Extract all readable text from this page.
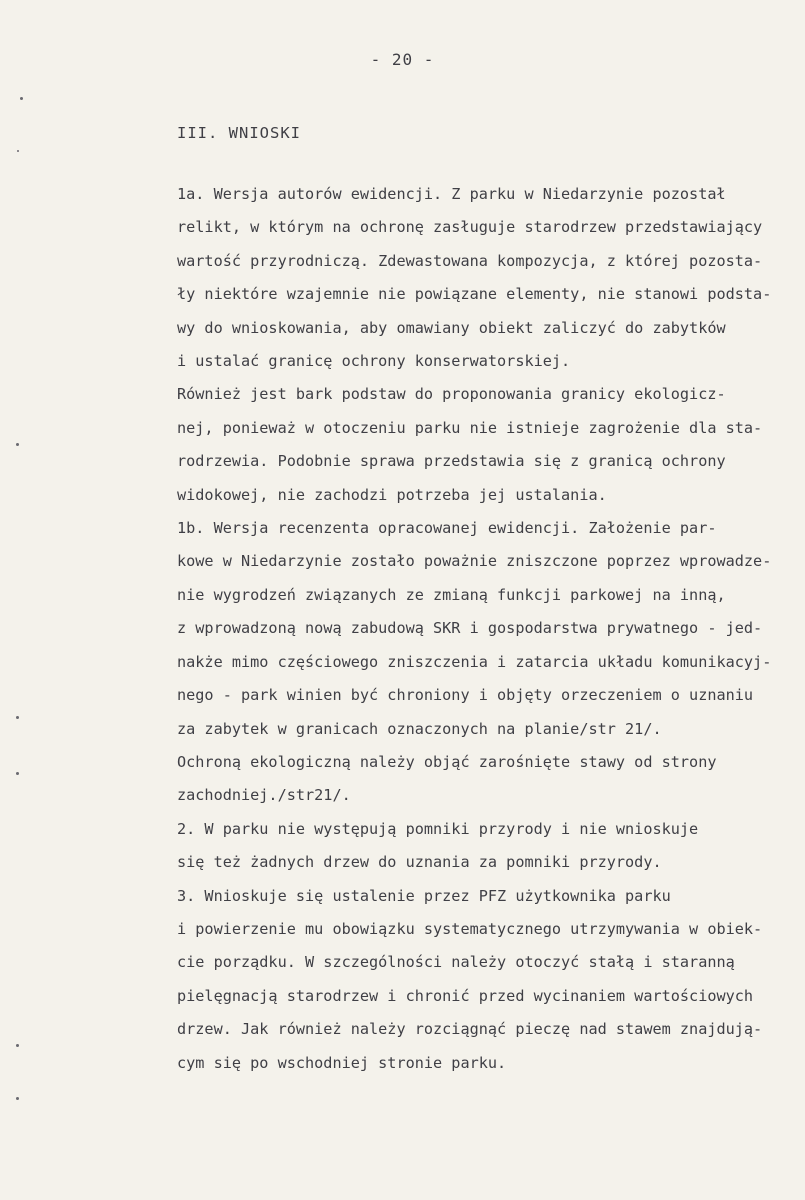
- 20 -
III. WNIOSKI

1a. Wersja autorów ewidencji. Z parku w Niedarzynie pozostał
relikt, w którym na ochronę zasługuje starodrzew przedstawiający
wartość przyrodniczą. Zdewastowana kompozycja, z której pozosta-
ły niektóre wzajemnie nie powiązane elementy, nie stanowi podsta-
wy do wnioskowania, aby omawiany obiekt zaliczyć do zabytków
i ustalać granicę ochrony konserwatorskiej.

Również jest bark podstaw do proponowania granicy ekologicz-
nej, ponieważ w otoczeniu parku nie istnieje zagrożenie dla sta-
rodrzewia. Podobnie sprawa przedstawia się z granicą ochrony
widokowej, nie zachodzi potrzeba jej ustalania.

1b. Wersja recenzenta opracowanej ewidencji. Założenie par-
kowe w Niedarzynie zostało poważnie zniszczone poprzez wprowadze-
nie wygrodzeń związanych ze zmianą funkcji parkowej na inną,
z wprowadzoną nową zabudową SKR i gospodarstwa prywatnego - jed-
nakże mimo częściowego zniszczenia i zatarcia układu komunikacyj-
nego - park winien być chroniony i objęty orzeczeniem o uznaniu
za zabytek w granicach oznaczonych na planie/str 21/.

Ochroną ekologiczną należy objąć zarośnięte stawy od strony
zachodniej./str21/.

2. W parku nie występują pomniki przyrody i nie wnioskuje
się też żadnych drzew do uznania za pomniki przyrody.

3. Wnioskuje się ustalenie przez PFZ użytkownika parku
i powierzenie mu obowiązku systematycznego utrzymywania w obiek-
cie porządku. W szczególności należy otoczyć stałą i staranną
pielęgnacją starodrzew i chronić przed wycinaniem wartościowych
drzew. Jak również należy rozciągnąć pieczę nad stawem znajdują-
cym się po wschodniej stronie parku.
